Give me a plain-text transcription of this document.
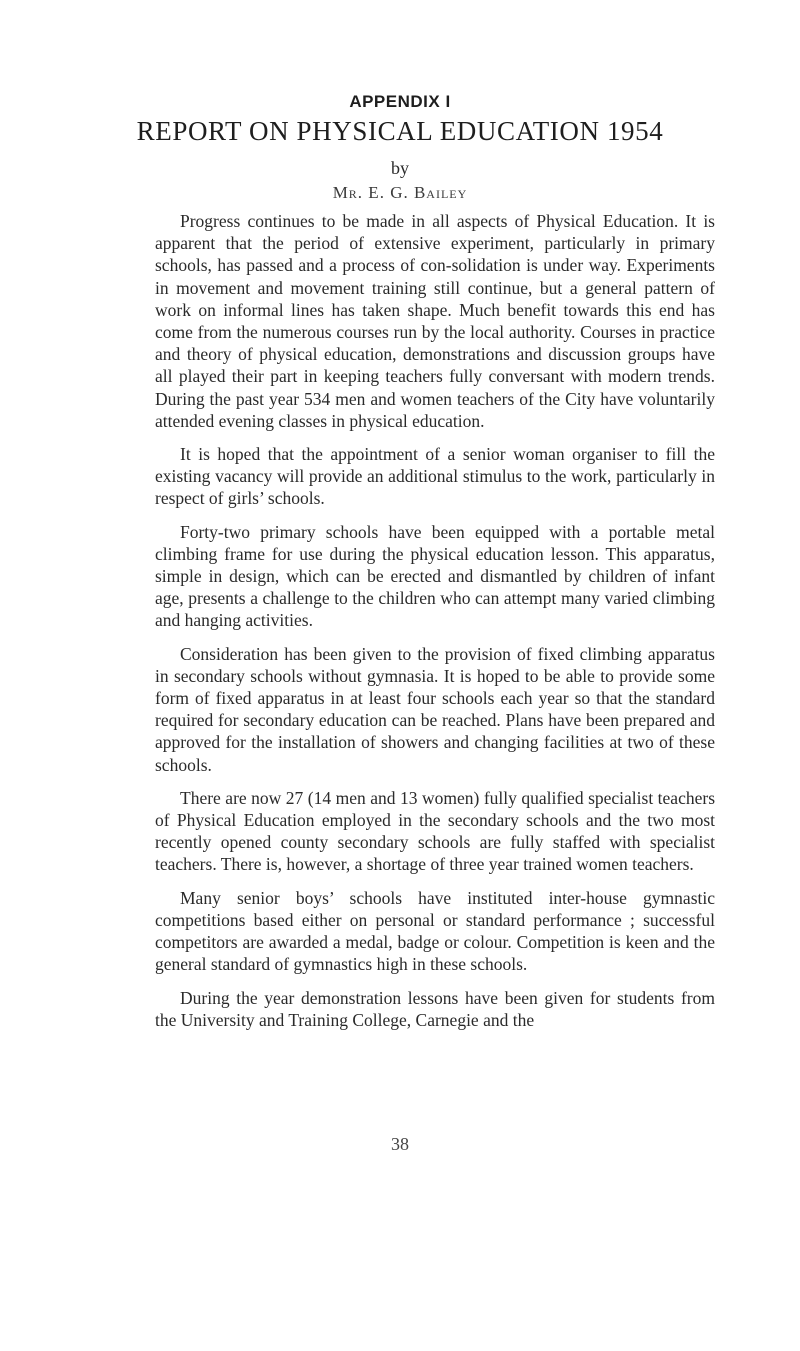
APPENDIX I
REPORT ON PHYSICAL EDUCATION 1954
by
Mr. E. G. Bailey

Progress continues to be made in all aspects of Physical Education. It is apparent that the period of extensive experiment, particularly in primary schools, has passed and a process of con-solidation is under way. Experiments in movement and movement training still continue, but a general pattern of work on informal lines has taken shape. Much benefit towards this end has come from the numerous courses run by the local authority. Courses in practice and theory of physical education, demonstrations and discussion groups have all played their part in keeping teachers fully conversant with modern trends. During the past year 534 men and women teachers of the City have voluntarily attended evening classes in physical education.

It is hoped that the appointment of a senior woman organiser to fill the existing vacancy will provide an additional stimulus to the work, particularly in respect of girls’ schools.

Forty-two primary schools have been equipped with a portable metal climbing frame for use during the physical education lesson. This apparatus, simple in design, which can be erected and dismantled by children of infant age, presents a challenge to the children who can attempt many varied climbing and hanging activities.

Consideration has been given to the provision of fixed climbing apparatus in secondary schools without gymnasia. It is hoped to be able to provide some form of fixed apparatus in at least four schools each year so that the standard required for secondary education can be reached. Plans have been prepared and approved for the installation of showers and changing facilities at two of these schools.

There are now 27 (14 men and 13 women) fully qualified specialist teachers of Physical Education employed in the secondary schools and the two most recently opened county secondary schools are fully staffed with specialist teachers. There is, however, a shortage of three year trained women teachers.

Many senior boys’ schools have instituted inter-house gymnastic competitions based either on personal or standard performance ; successful competitors are awarded a medal, badge or colour. Competition is keen and the general standard of gymnastics high in these schools.

During the year demonstration lessons have been given for students from the University and Training College, Carnegie and the

38
